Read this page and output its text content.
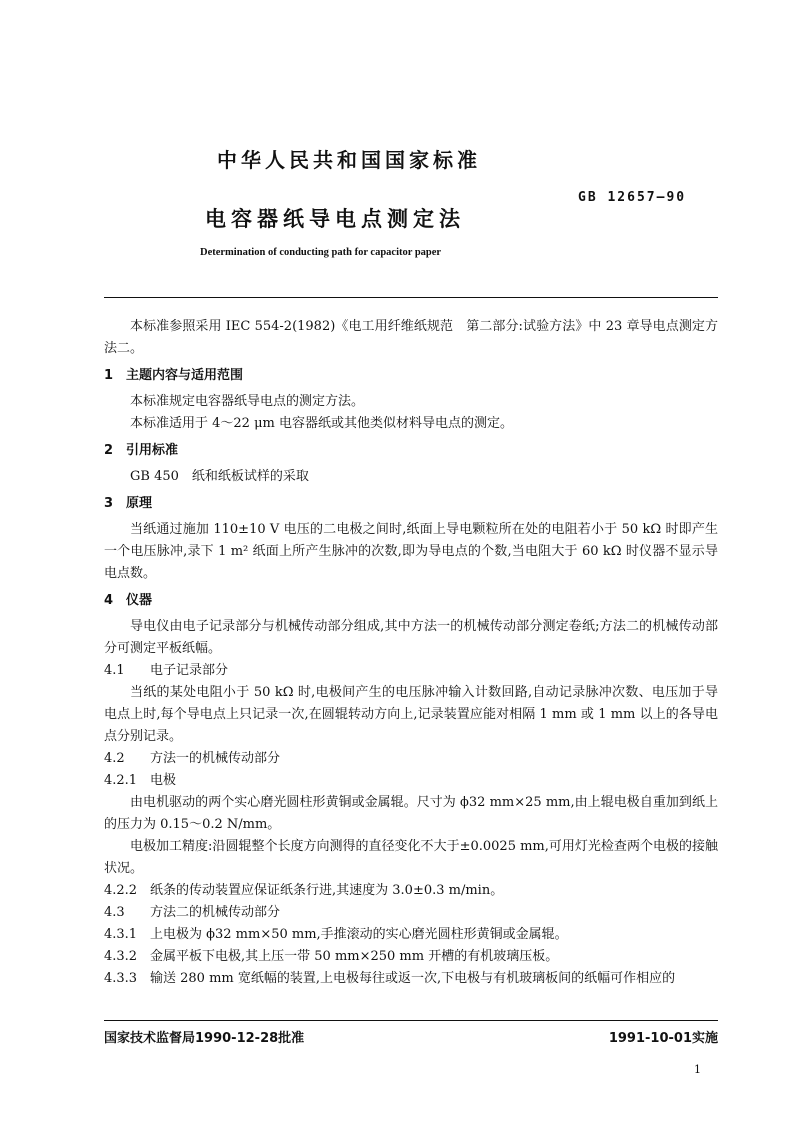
中华人民共和国国家标准
GB 12657—90
电容器纸导电点测定法
Determination of conducting path for capacitor paper

本标准参照采用 IEC 554-2(1982)《电工用纤维纸规范　第二部分:试验方法》中 23 章导电点测定方法二。

1 主题内容与适用范围

本标准规定电容器纸导电点的测定方法。

本标准适用于 4～22 μm 电容器纸或其他类似材料导电点的测定。

2 引用标准

GB 450　纸和纸板试样的采取

3 原理

当纸通过施加 110±10 V 电压的二电极之间时,纸面上导电颗粒所在处的电阻若小于 50 kΩ 时即产生一个电压脉冲,录下 1 m² 纸面上所产生脉冲的次数,即为导电点的个数,当电阻大于 60 kΩ 时仪器不显示导电点数。

4 仪器

导电仪由电子记录部分与机械传动部分组成,其中方法一的机械传动部分测定卷纸;方法二的机械传动部分可测定平板纸幅。

4.1 电子记录部分

当纸的某处电阻小于 50 kΩ 时,电极间产生的电压脉冲输入计数回路,自动记录脉冲次数、电压加于导电点上时,每个导电点上只记录一次,在圆辊转动方向上,记录装置应能对相隔 1 mm 或 1 mm 以上的各导电点分别记录。

4.2 方法一的机械传动部分

4.2.1 电极

由电机驱动的两个实心磨光圆柱形黄铜或金属辊。尺寸为 ϕ32 mm×25 mm,由上辊电极自重加到纸上的压力为 0.15～0.2 N/mm。

电极加工精度:沿圆辊整个长度方向测得的直径变化不大于±0.0025 mm,可用灯光检查两个电极的接触状况。

4.2.2 纸条的传动装置应保证纸条行进,其速度为 3.0±0.3 m/min。

4.3 方法二的机械传动部分

4.3.1 上电极为 ϕ32 mm×50 mm,手推滚动的实心磨光圆柱形黄铜或金属辊。

4.3.2 金属平板下电极,其上压一带 50 mm×250 mm 开槽的有机玻璃压板。

4.3.3 输送 280 mm 宽纸幅的装置,上电极每往或返一次,下电极与有机玻璃板间的纸幅可作相应的

国家技术监督局1990-12-28批准	1991-10-01实施
1
